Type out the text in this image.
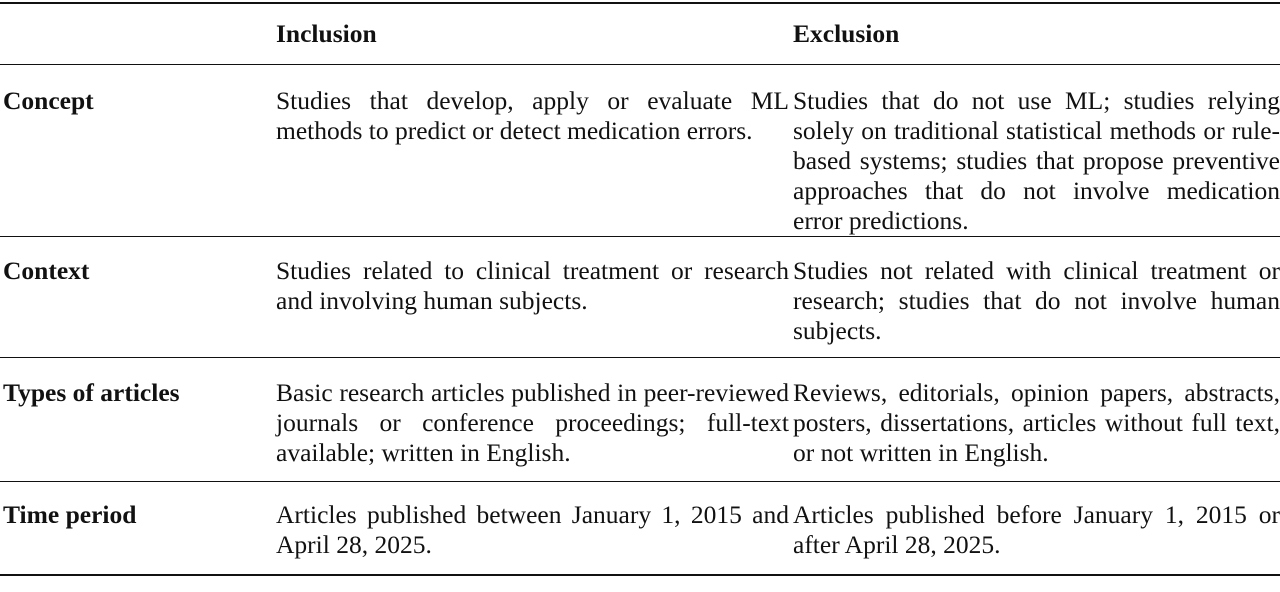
	Inclusion	Exclusion
Concept	Studies that develop, apply or evaluate ML methods to predict or detect medication errors.	Studies that do not use ML; studies relying solely on traditional statistical methods or rule-based systems; studies that propose preventive approaches that do not involve medication error predictions.
Context	Studies related to clinical treatment or research and involving human subjects.	Studies not related with clinical treatment or research; studies that do not involve human subjects.
Types of articles	Basic research articles published in peer-reviewed journals or conference proceedings; full-text available; written in English.	Reviews, editorials, opinion papers, abstracts, posters, dissertations, articles without full text, or not written in English.
Time period	Articles published between January 1, 2015 and April 28, 2025.	Articles published before January 1, 2015 or after April 28, 2025.
